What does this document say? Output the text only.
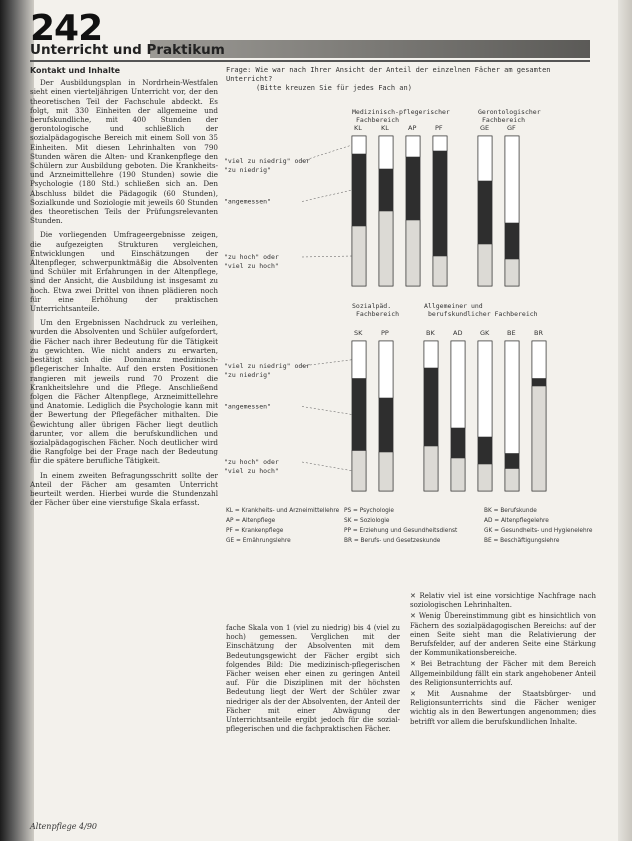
242
Unterricht und Praktikum
Kontakt und Inhalte

Der Ausbildungsplan in Nordrhein-Westfalen sieht einen vierteljährigen Unterricht vor, der den theoretischen Teil der Fachschule abdeckt. Es folgt, mit 330 Einheiten der allgemeine und berufskundliche, mit 400 Stunden der gerontologische und schließlich der sozialpädagogische Bereich mit einem Soll von 35 Einheiten. Mit diesen Lehrinhalten von 790 Stunden wären die Alten- und Krankenpflege den Schülern zur Ausbildung geboten. Die Krankheits- und Arzneimittellehre (190 Stunden) sowie die Psychologie (180 Std.) schließen sich an. Den Abschluss bildet die Pädagogik (60 Stunden), Sozialkunde und Soziologie mit jeweils 60 Stunden des theoretischen Teils der Prüfungsrelevanten Stunden.

Die vorliegenden Umfrageergebnisse zeigen, die aufgezeigten Strukturen vergleichen, Entwicklungen und Einschätzungen der Altenpfleger, schwerpunktmäßig die Absolventen und Schüler mit Erfahrungen in der Altenpflege, sind der Ansicht, die Ausbildung ist insgesamt zu hoch. Etwa zwei Drittel von ihnen plädieren noch für eine Erhöhung der praktischen Unterrichtsanteile.

Um den Ergebnissen Nachdruck zu verleihen, wurden die Absolventen und Schüler aufgefordert, die Fächer nach ihrer Bedeutung für die Tätigkeit zu gewichten. Wie nicht anders zu erwarten, bestätigt sich die Dominanz medizinisch-pflegerischer Inhalte. Auf den ersten Positionen rangieren mit jeweils rund 70 Prozent die Krankheitslehre und die Pflege. Anschließend folgen die Fächer Altenpflege, Arzneimittellehre und Anatomie. Lediglich die Psychologie kann mit der Bewertung der Pflegefächer mithalten. Die Gewichtung aller übrigen Fächer liegt deutlich darunter, vor allem die berufskundlichen und sozialpädagogischen Fächer. Noch deutlicher wird die Rangfolge bei der Frage nach der Bedeutung für die spätere berufliche Tätigkeit.

In einem zweiten Befragungsschritt sollte der Anteil der Fächer am gesamten Unterricht beurteilt werden. Hierbei wurde die Stundenzahl der Fächer über eine vierstufige Skala erfasst.

Frage: Wie war nach Ihrer Ansicht der Anteil der einzelnen Fächer am gesamten Unterricht?
(Bitte kreuzen Sie für jedes Fach an)
"viel zu niedrig" oder
"zu niedrig"
"angemessen"
"zu hoch" oder
"viel zu hoch"
Medizinisch-pflegerischer
Fachbereich
KL	KL	AP	PF
Gerontologischer
Fachbereich
GE	GF
"viel zu niedrig" oder
"zu niedrig"
"angemessen"
"zu hoch" oder
"viel zu hoch"
Sozialpäd.
Fachbereich
SK	PP
Allgemeiner und
berufskundlicher Fachbereich
BK	AD	GK	BE	BR
KL = Krankheits- und Arzneimittellehre PS = Psychologie	BK = Berufskunde
AP = Altenpflege	SK = Soziologie	AD = Altenpflegelehre
PF = Krankenpflege	PP = Erziehung und Gesundheitsdienst	GK = Gesundheits- und Hygienelehre
GE = Ernährungslehre	BR = Berufs- und Gesetzeskunde	BE = Beschäftigungslehre

fache Skala von 1 (viel zu niedrig) bis 4 (viel zu hoch) gemessen. Verglichen mit der Einschätzung der Absolventen mit dem Bedeutungsgewicht der Fächer ergibt sich folgendes Bild: Die medizinisch-pflegerischen Fächer weisen eher einen zu geringen Anteil auf. Für die Disziplinen mit der höchsten Bedeutung liegt der Wert der Schüler zwar niedriger als der der Absolventen, der Anteil der Fächer mit einer Abwägung der Unterrichtsanteile ergibt jedoch für die sozial-pflegerischen und die fachpraktischen Fächer.

✕ Relativ viel ist eine vorsichtige Nachfrage nach soziologischen Lehrinhalten.

✕ Wenig Übereinstimmung gibt es hinsichtlich von Fächern des sozialpädagogischen Bereichs: auf der einen Seite sieht man die Relativierung der Berufsfelder, auf der anderen Seite eine Stärkung der Kommunikationsbereiche.

✕ Bei Betrachtung der Fächer mit dem Bereich Allgemeinbildung fällt ein stark angehobener Anteil des Religionsunterrichts auf.

✕ Mit Ausnahme der Staatsbürger- und Religionsunterrichts sind die Fächer weniger wichtig als in den Bewertungen angenommen; dies betrifft vor allem die berufskundlichen Inhalte.

Altenpflege 4/90
